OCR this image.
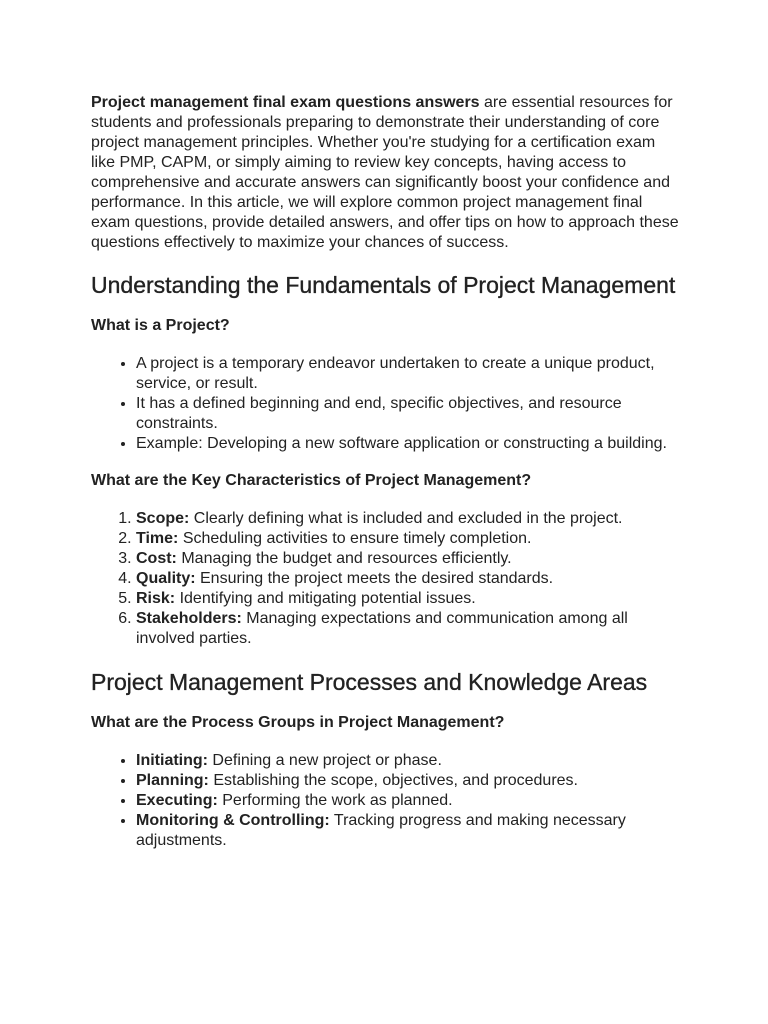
Project management final exam questions answers are essential resources for students and professionals preparing to demonstrate their understanding of core project management principles. Whether you're studying for a certification exam like PMP, CAPM, or simply aiming to review key concepts, having access to comprehensive and accurate answers can significantly boost your confidence and performance. In this article, we will explore common project management final exam questions, provide detailed answers, and offer tips on how to approach these questions effectively to maximize your chances of success.

Understanding the Fundamentals of Project Management
What is a Project?
• A project is a temporary endeavor undertaken to create a unique product, service, or result.
• It has a defined beginning and end, specific objectives, and resource constraints.
• Example: Developing a new software application or constructing a building.
What are the Key Characteristics of Project Management?
1. Scope: Clearly defining what is included and excluded in the project.
2. Time: Scheduling activities to ensure timely completion.
3. Cost: Managing the budget and resources efficiently.
4. Quality: Ensuring the project meets the desired standards.
5. Risk: Identifying and mitigating potential issues.
6. Stakeholders: Managing expectations and communication among all involved parties.
Project Management Processes and Knowledge Areas
What are the Process Groups in Project Management?
• Initiating: Defining a new project or phase.
• Planning: Establishing the scope, objectives, and procedures.
• Executing: Performing the work as planned.
• Monitoring & Controlling: Tracking progress and making necessary adjustments.
